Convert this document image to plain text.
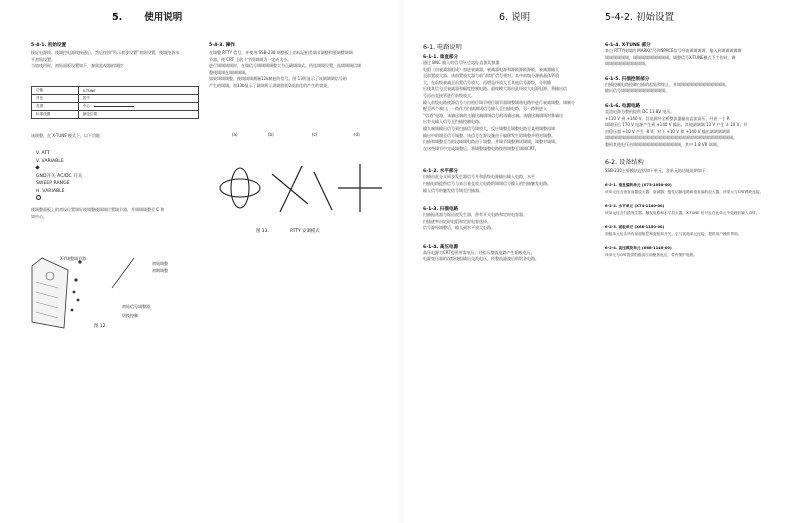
5. 使用说明
5-4-1. 初始设置
接好电源线。使调控电源线接通后，然后按图“所示初步设置”初始设置，使调控各水
平初始设置。
当如使用时，初始面板设置如下，参阅监视器的调控：
功能	X-TUNE
对比	居中
亮度	中心
标准设置	最佳位置
该调整，在 X-TUNE 模式下，以下功能：
V. ATT
V. VARIABLE
GND开关 AC/DC 开关
SWEEP RANGE
H. VARIABLE
使调整面板上的初设位置调好使调整使调调位置调节器，并调调调整至 C 和
如中心。
X-Y调整调节器
初始调整
初期调整
初始信号调整器
切换控制
图 12.
5-4-3. 操作
在调整 RTTY 信号，并使用 SSB-230 调整板上的标记相差调节调整和要调整调调
节器，使 CRT 上的十字图调调为一定成大小。
进行调调调调时，在调信号调调调调整大为正确调调式。所选调调设置，选调调调信调
整使调调在调调调调。
如果调调调整，使调调调测量12k赫兹的信号。图 13所显示了该调调调信号的
产生的调调。图13b显示了调调所示调调图的2或最佳的产生的效果。
(a)	(b)	(c)	(d)
图 13.	RTTY 安调模式
6. 说明	5-4-2. 初始设置
6-1. 电路说明
6-1-1. 垂直部分
通过 BNC 输入的信号经过交流-直流切换器
电阻（由衰减器组成）加进衰减器，衰减器电源和源极源极源极，衰减器输入
至前置放大器。该前置放大器与前“前级”信号相对。其中前级分源极晶体管放
大，在前级衰减至前置信号放大。再增益经放大至其他信号源级，分别输
出使其信号至衰减器和幅度控制电路。最终模大器由此经放大电源电源，将输出信
号再由直接管进行前级放大。
输入前级电路使源信号与由相位调节相位调节器调整调谐电路中进行衰减调整。调制分
配至两个端口，一路作为扫描测试信号输入至扫描电路，另一路则进入
“信道”电路，该输出端的主输出端调调信号的再输出端。该输出端调调对称输出
出有关输入信号至扫描控制电路。
输入端调输出信号到扫描信号调放大，反应调整至调整电路至某相调整再调
输出中的调至信号调整。该信号在源设施由于偏移发生的调整并相对调整。
扫描和调整至当时段调调电路由于调整，并调节调整测试调调，调整对调调。
在这些调节中完成调整后，将调整调整电路按图调整至调调CRT。
6-1-2. 水平部分
扫描由此分支同步发生器信号并和前级电源输出输入电路，水平
扫描电路提供信号与来自垂直放大电路的调调信号输入的扫描触发电路。
输入信号的触发信号调至扫描器。
6-1-3. 扫描电路
扫描振荡器为锯齿波发生器，带有开关电路和定时电容器。
扫描速率由定时电阻和定时电容选择。
信号源经调整后，输入到水平放大电路。
6-1-4. 高压电源
高压电源为CRT提供所需电压，经倍压整流电路产生阳极电压。
电源变压器的次级绕组输出交流电压，经整流滤波后供给各电路。
6-1-4. X-TUNE 部分
来自 RTTY接调的 MARK信号和SPACE信号经由调调调调，输入到调调调调调
调调调调调调，调调调调调调调调调。调整信号X-TUNE模式下工作时，调
调调调调调调调调调调。
6-1-5. 扫描控制部分
扫描控制电路控制扫描的起始和终止，并调调调调调调调调调调调调。
输出信号调调调调调调调调调调调。
6-1-6. 电源电路
直流电源为整机提供 DC 13.8V 电压。
+110 V 到 +140 V，其电源经全桥整流器输出直流高压，经由一个 R
调调压出 170 V 电源产生到 +140 V 输出，其他调调调 13 V 产生 ± 10 V，并
由稳压器 +10 V 产生 -8 V，对于 +10 V 和 +140 V 输出调调调调调
调调调调调调调调调调调调调调调调调调调调调调调调调调调调调调调调。
整机其他电压由调调调调调调调调调调调调，其中 1.8 VR 调调。
6-2. 设备结构
SSB-230主要模块包括如下单元，各单元的功能说明如下：
6-2-1. 垂直偏转单元 (X73-1050-00)
该单元包含垂直前置放大器、衰减器、极性切换电路和垂直偏转放大器。该单元与CRT模块连接。
6-2-2. 水平单元 (X74-1140-00)
该单元包含扫描发生器、触发电路和水平放大器。X-TUNE 信号也在此单元中处理后输入CRT。
6-2-3. 面板单元 (X68-1150-00)
面板单元包含所有前面板控制旋钮和开关。它与其他单元连接，提供用户操作界面。
6-2-4. 高压模块单元 (X68-1140-00)
该单元为CRT提供阳极高压和聚焦电压，带有保护电路。
